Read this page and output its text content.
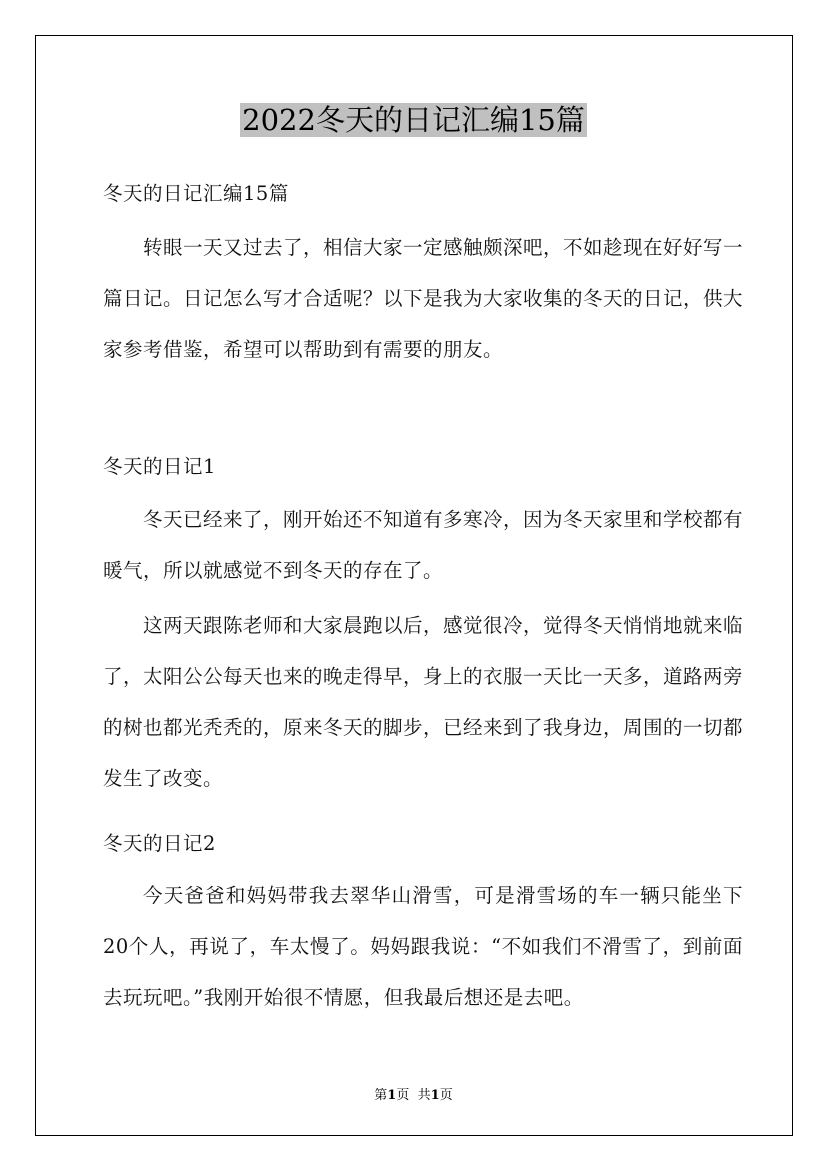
2022冬天的日记汇编15篇

冬天的日记汇编15篇

转眼一天又过去了，相信大家一定感触颇深吧，不如趁现在好好写一篇日记。日记怎么写才合适呢？以下是我为大家收集的冬天的日记，供大家参考借鉴，希望可以帮助到有需要的朋友。

冬天的日记1

冬天已经来了，刚开始还不知道有多寒冷，因为冬天家里和学校都有暖气，所以就感觉不到冬天的存在了。

这两天跟陈老师和大家晨跑以后，感觉很冷，觉得冬天悄悄地就来临了，太阳公公每天也来的晚走得早，身上的衣服一天比一天多，道路两旁的树也都光秃秃的，原来冬天的脚步，已经来到了我身边，周围的一切都发生了改变。

冬天的日记2

今天爸爸和妈妈带我去翠华山滑雪，可是滑雪场的车一辆只能坐下20个人，再说了，车太慢了。妈妈跟我说：“不如我们不滑雪了，到前面去玩玩吧。”我刚开始很不情愿，但我最后想还是去吧。

第1页 共1页
